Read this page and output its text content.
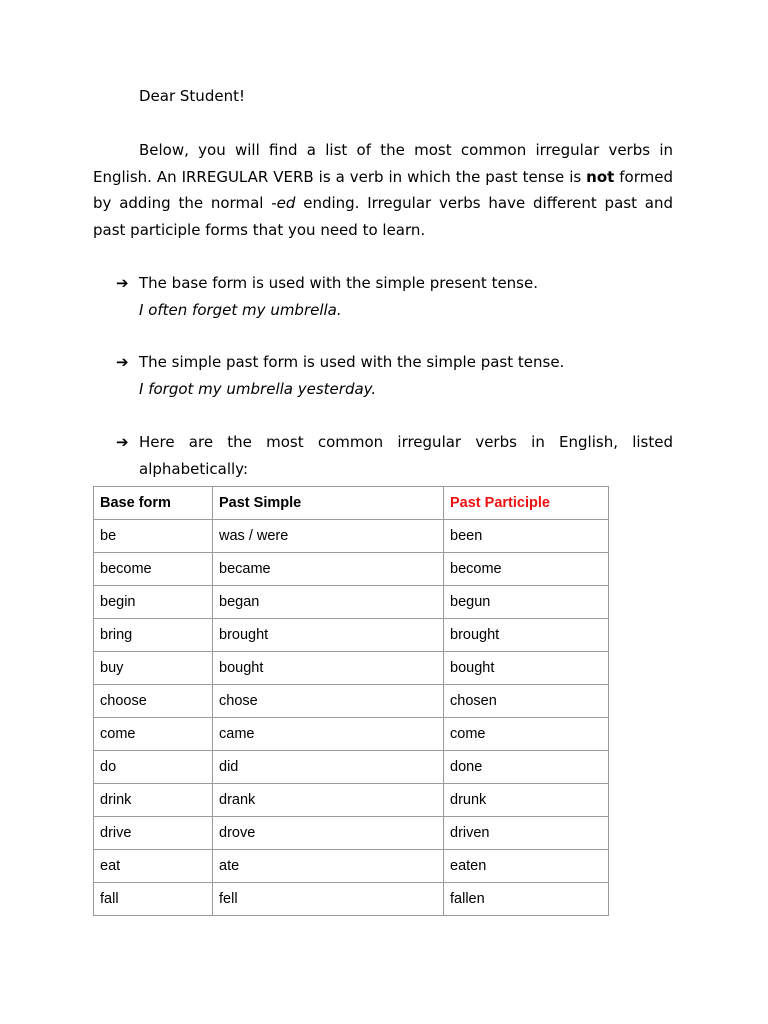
Dear Student!

Below, you will find a list of the most common irregular verbs in English. An IRREGULAR VERB is a verb in which the past tense is not formed by adding the normal -ed ending. Irregular verbs have different past and past participle forms that you need to learn.

➔ The base form is used with the simple present tense.
I often forget my umbrella.
➔ The simple past form is used with the simple past tense.
I forgot my umbrella yesterday.
➔ Here are the most common irregular verbs in English, listed alphabetically:
Base form	Past Simple	Past Participle
be	was / were	been
become	became	become
begin	began	begun
bring	brought	brought
buy	bought	bought
choose	chose	chosen
come	came	come
do	did	done
drink	drank	drunk
drive	drove	driven
eat	ate	eaten
fall	fell	fallen
